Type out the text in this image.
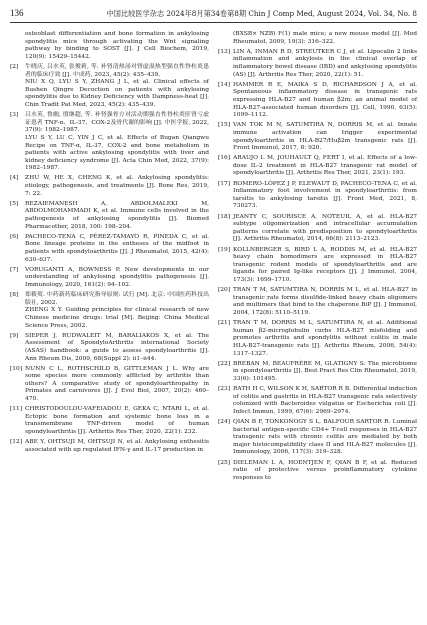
136	中国比较医学杂志 2024年8月第34卷第8期 Chin J Comp Med, August 2024, Vol. 34, No. 8
osteoblast differentiation and bone formation in ankylosing spondylitis mice through activating the Wnt signaling pathway by binding to SOST [J]. J Cell Biochem, 2019, 120(9): 15429–15442.
[2]	牛晓庆, 吕水英, 张俊莉, 等. 补肾清热汤对肾虚湿热型强直性脊柱炎患者的临床疗效 [J]. 中成药, 2023, 45(2): 435–439.
NIU X Q, LYU S Y, ZHANG J L, et al. Clinical effects of Bushen Qingre Decoction on patients with ankylosing spondylitis due to Kidney Deficiency with Dampness-heat [J]. Chin Tradit Pat Med, 2023, 45(2): 435–439.
[3]	吕水英, 鲁幽, 殷继超, 等. 补肾强骨方对活动期强直性脊柱炎肝肾亏虚证患者 TNF-α、IL-37、COX-2及骨代谢的影响 [J]. 中医学报, 2022, 37(9): 1982–1987.
LYU S Y, LU C, YIN J C, et al. Effects of Bugan Qiangwu Recipe on TNF-α, IL-37, COX-2 and bone metabolism in patients with active ankylosing spondylitis with liver and kidney deficiency syndrome [J]. Acta Chin Med, 2022, 37(9): 1982–1987.
[4]	ZHU W, HE X, CHENG K, et al. Ankylosing spondylitis: etiology, pathogenesis, and treatments [J]. Bone Res, 2019, 7: 22.
[5]	REZAIEMANESH A, ABDOLMALEKI M, ABDOLMOHAMMADI K, et al. Immune cells involved in the pathogenesis of ankylosing spondylitis [J]. Biomed Pharmacother, 2018, 100: 198–204.
[6]	PACHECO-TENA C, PÉREZ-TAMAYO R, PINEDA C, et al. Bone lineage proteins in the entheses of the midfoot in patients with spondyloarthritis [J]. J Rheumatol, 2015, 42(4): 630–637.
[7]	VORUGANTI A, BOWNESS P. New developments in our understanding of ankylosing spondylitis pathogenesis [J]. Immunology, 2020, 161(2): 94–102.
[8]	郑筱萸. 中药新药临床研究指导原则: 试行 [M]. 北京: 中国医药科技出版社, 2002.
ZHENG X Y. Guiding principles for clinical research of new Chinese medicine drugs: trial [M]. Beijing: China Medical Science Press, 2002.
[9]	SIEPER J, RUDWALEIT M, BARALIAKOS X, et al. The Assessment of SpondyloArthritis international Society (ASAS) handbook: a guide to assess spondyloarthritis [J]. Ann Rheum Dis, 2009, 68(Suppl 2): ii1–ii44.
[10] NUNN C L, ROTHSCHILD B, GITTLEMAN J L. Why are some species more commonly afflicted by arthritis than others? A comparative study of spondyloarthropathy in Primates and carnivores [J]. J Evol Biol, 2007, 20(2): 460–470.
[11] CHRISTODOULOU-VAFEIADOU E, GEKA C, NTARI L, et al. Ectopic bone formation and systemic bone loss in a transmembrane TNF-driven model of human spondyloarthritis [J]. Arthritis Res Ther, 2020, 22(1): 232.
[12] ABE Y, OHTSUJI M, OHTSUJI N, et al. Ankylosing enthesitis associated with up regulated IFN-γ and IL-17 production in
(BXSB× NZB) F(1) male mice; a new mouse model [J]. Mod Rheumatol, 2009, 19(3): 316–322.
[13] LIN A, INMAN R D, STREUTKER C J, et al. Lipocalin 2 links inflammation and ankylosis in the clinical overlap of inflammatory bowel disease (IBD) and ankylosing spondylitis (AS) [J]. Arthritis Res Ther, 2020, 22(1): 51.
[14] HAMMER R E, MAIKA S D, RICHARDSON J A, et al. Spontaneous inflammatory disease in transgenic rats expressing HLA-B27 and human β2m; an animal model of HLA-B27-associated human disorders [J]. Cell, 1990, 63(5): 1099–1112.
[15] VAN TOK M N, SATUMTIRA N, DORRIS M, et al. Innate immune activation can trigger experimental spondyloarthritis in HLA-B27/Huβ2m transgenic rats [J]. Front Immunol, 2017, 8: 920.
[16] ARAUJO L M, JOUHAULT Q, FERT I, et al. Effects of a low-dose IL-2 treatment in HLA-B27 transgenic rat model of spondyloarthritis [J]. Arthritis Res Ther, 2021, 23(1): 193.
[17] ROMERO-LÓPEZ J P, ELEWAUT D, PACHECO-TENA C, et al. Inflammatory foot involvement in spondyloarthritis: from tarsitis to ankylosing tarsitis [J]. Front Med, 2021, 8, 730273.
[18] JEANTY C, SOURISCE A, NOTEUIL A, et al. HLA-B27 subtype oligomerization and intracellular accumulation patterns correlate with predisposition to spondyloarthritis [J]. Arthritis Rheumatol, 2014, 66(8): 2113–2123.
[19] KOLLNBERGER S, BIRD L A, RODDIS M, et al. HLA-B27 heavy chain homodimers are expressed in HLA-B27 transgenic rodent models of spondyloarthritis and are ligands for paired Ig-like receptors [J]. J Immunol, 2004, 173(3): 1699–1710.
[20] TRAN T M, SATUMTIRA N, DORRIS M L, et al. HLA-B27 in transgenic rats forms disulfide-linked heavy chain oligomers and multimers that bind to the chaperone BiP [J]. J Immunol, 2004, 172(8): 5110–5119.
[21] TRAN T M, DORRIS M L, SATUMTIRA N, et al. Additional human β2-microglobulin curbs HLA-B27 misfolding and promotes arthritis and spondylitis without colitis in male HLA-B27-transgenic rats [J]. Arthritis Rheum, 2006, 54(4): 1317–1327.
[22] BREBAN M, BEAUFRÈRE M, GLATIGNY S. The microbiome in spondyloarthritis [J]. Best Pract Res Clin Rheumatol, 2019, 33(6): 101495.
[23] RATH H C, WILSON K H, SARTOR R B. Differential induction of colitis and gastritis in HLA-B27 transgenic rats selectively colonized with Bacteroides vulgatus or Escherichia coli [J]. Infect Immun, 1999, 67(6): 2969–2974.
[24] QIAN B F, TONKONOGY S L, BALFOUR SARTOR R. Luminal bacterial antigen-specific CD4+ T-cell responses in HLA-B27 transgenic rats with chronic colitis are mediated by both major histocompatibility class II and HLA-B27 molecules [J]. Immunology, 2006, 117(3): 319–328.
[25] DIELEMAN L A, HOENTJEN F, QIAN B F, et al. Reduced ratio of protective versus proinflammatory cytokine responses to
